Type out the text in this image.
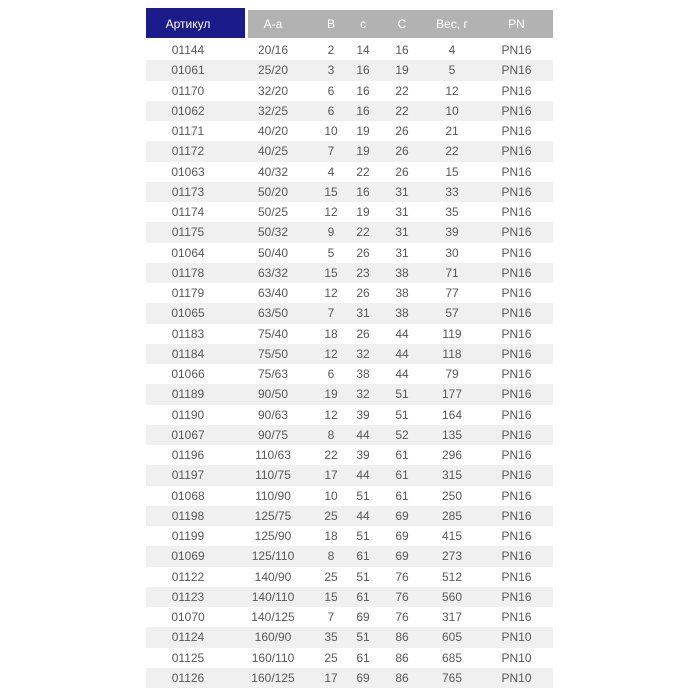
Артикул	A-a	B	c	C	Вес, г	PN
01144	20/16	2	14	16	4	PN16
01061	25/20	3	16	19	5	PN16
01170	32/20	6	16	22	12	PN16
01062	32/25	6	16	22	10	PN16
01171	40/20	10	19	26	21	PN16
01172	40/25	7	19	26	22	PN16
01063	40/32	4	22	26	15	PN16
01173	50/20	15	16	31	33	PN16
01174	50/25	12	19	31	35	PN16
01175	50/32	9	22	31	39	PN16
01064	50/40	5	26	31	30	PN16
01178	63/32	15	23	38	71	PN16
01179	63/40	12	26	38	77	PN16
01065	63/50	7	31	38	57	PN16
01183	75/40	18	26	44	119	PN16
01184	75/50	12	32	44	118	PN16
01066	75/63	6	38	44	79	PN16
01189	90/50	19	32	51	177	PN16
01190	90/63	12	39	51	164	PN16
01067	90/75	8	44	52	135	PN16
01196	110/63	22	39	61	296	PN16
01197	110/75	17	44	61	315	PN16
01068	110/90	10	51	61	250	PN16
01198	125/75	25	44	69	285	PN16
01199	125/90	18	51	69	415	PN16
01069	125/110	8	61	69	273	PN16
01122	140/90	25	51	76	512	PN16
01123	140/110	15	61	76	560	PN16
01070	140/125	7	69	76	317	PN16
01124	160/90	35	51	86	605	PN10
01125	160/110	25	61	86	685	PN10
01126	160/125	17	69	86	765	PN10
